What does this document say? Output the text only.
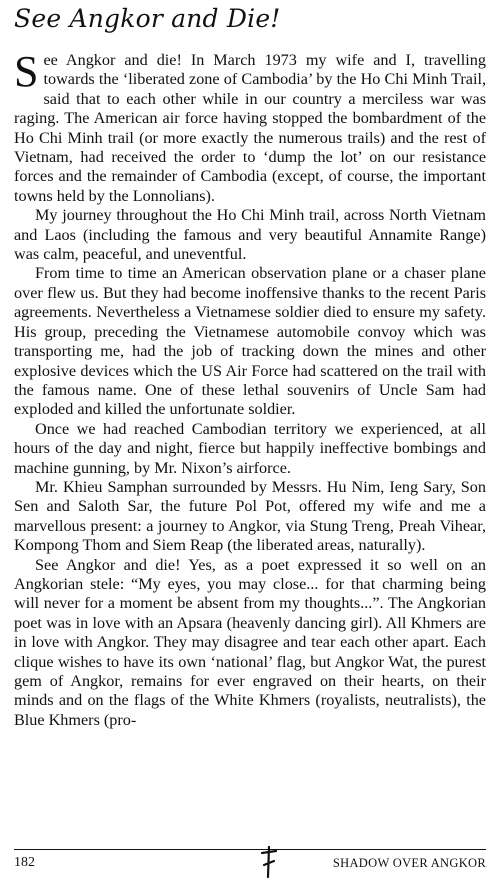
See Angkor and Die!

See Angkor and die! In March 1973 my wife and I, travelling towards the ‘liberated zone of Cambodia’ by the Ho Chi Minh Trail, said that to each other while in our country a merciless war was raging. The American air force having stopped the bombardment of the Ho Chi Minh trail (or more exactly the numerous trails) and the rest of Vietnam, had received the order to ‘dump the lot’ on our resistance forces and the remainder of Cambodia (except, of course, the important towns held by the Lonnolians).

My journey throughout the Ho Chi Minh trail, across North Vietnam and Laos (including the famous and very beautiful Annamite Range) was calm, peaceful, and uneventful.

From time to time an American observation plane or a chaser plane over flew us. But they had become inoffensive thanks to the recent Paris agreements. Nevertheless a Vietnamese soldier died to ensure my safety. His group, preceding the Vietnamese automobile convoy which was transporting me, had the job of tracking down the mines and other explosive devices which the US Air Force had scattered on the trail with the famous name. One of these lethal souvenirs of Uncle Sam had exploded and killed the unfortunate soldier.

Once we had reached Cambodian territory we experienced, at all hours of the day and night, fierce but happily ineffective bombings and machine gunning, by Mr. Nixon’s airforce.

Mr. Khieu Samphan surrounded by Messrs. Hu Nim, Ieng Sary, Son Sen and Saloth Sar, the future Pol Pot, offered my wife and me a marvellous present: a journey to Angkor, via Stung Treng, Preah Vihear, Kompong Thom and Siem Reap (the liberated areas, naturally).

See Angkor and die! Yes, as a poet expressed it so well on an Angkorian stele: “My eyes, you may close... for that charming being will never for a moment be absent from my thoughts...”. The Angkorian poet was in love with an Apsara (heavenly dancing girl). All Khmers are in love with Angkor. They may disagree and tear each other apart. Each clique wishes to have its own ‘national’ flag, but Angkor Wat, the purest gem of Angkor, remains for ever engraved on their hearts, on their minds and on the flags of the White Khmers (royalists, neutralists), the Blue Khmers (pro-

182	SHADOW OVER ANGKOR
